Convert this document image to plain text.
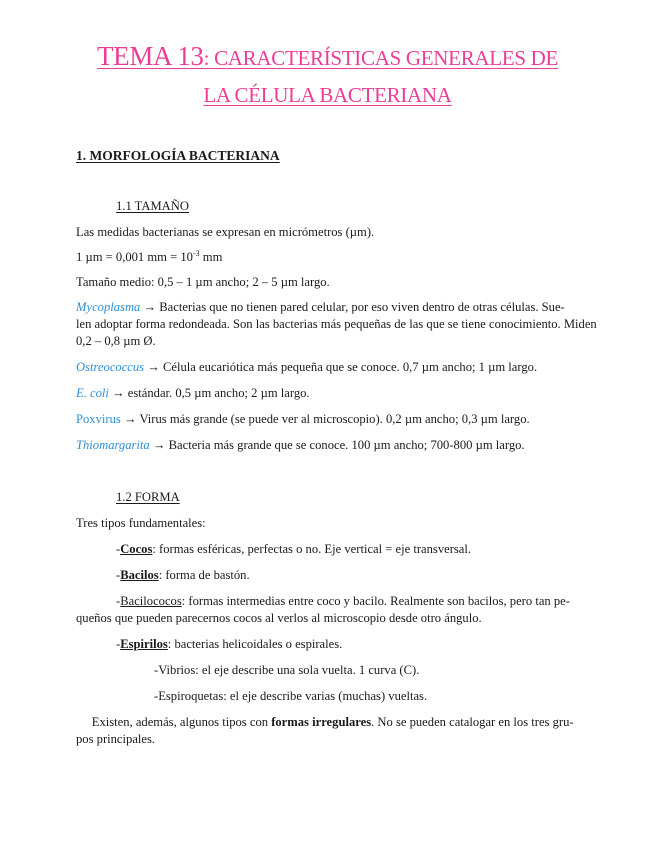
TEMA 13: CARACTERÍSTICAS GENERALES DE
LA CÉLULA BACTERIANA
1. MORFOLOGÍA BACTERIANA
1.1 TAMAÑO
Las medidas bacterianas se expresan en micrómetros (µm).
1 µm = 0,001 mm = $10^{-3}$ mm
Tamaño medio: 0,5 – 1 µm ancho; 2 – 5 µm largo.
Mycoplasma → Bacterias que no tienen pared celular, por eso viven dentro de otras células. Sue-
len adoptar forma redondeada. Son las bacterias más pequeñas de las que se tiene conocimiento. Miden
0,2 – 0,8 µm Ø.
Ostreococcus → Célula eucariótica más pequeña que se conoce. 0,7 µm ancho; 1 µm largo.
E. coli → estándar. 0,5 µm ancho; 2 µm largo.
Poxvirus → Virus más grande (se puede ver al microscopio). 0,2 µm ancho; 0,3 µm largo.
Thiomargarita → Bacteria más grande que se conoce. 100 µm ancho; 700-800 µm largo.
1.2 FORMA
Tres tipos fundamentales:
-Cocos: formas esféricas, perfectas o no. Eje vertical = eje transversal.
-Bacilos: forma de bastón.
-Bacilococos: formas intermedias entre coco y bacilo. Realmente son bacilos, pero tan pe-
queños que pueden parecernos cocos al verlos al microscopio desde otro ángulo.
-Espirilos: bacterias helicoidales o espirales.
-Vibrios: el eje describe una sola vuelta. 1 curva (C).
-Espiroquetas: el eje describe varias (muchas) vueltas.
Existen, además, algunos tipos con formas irregulares. No se pueden catalogar en los tres gru-
pos principales.
